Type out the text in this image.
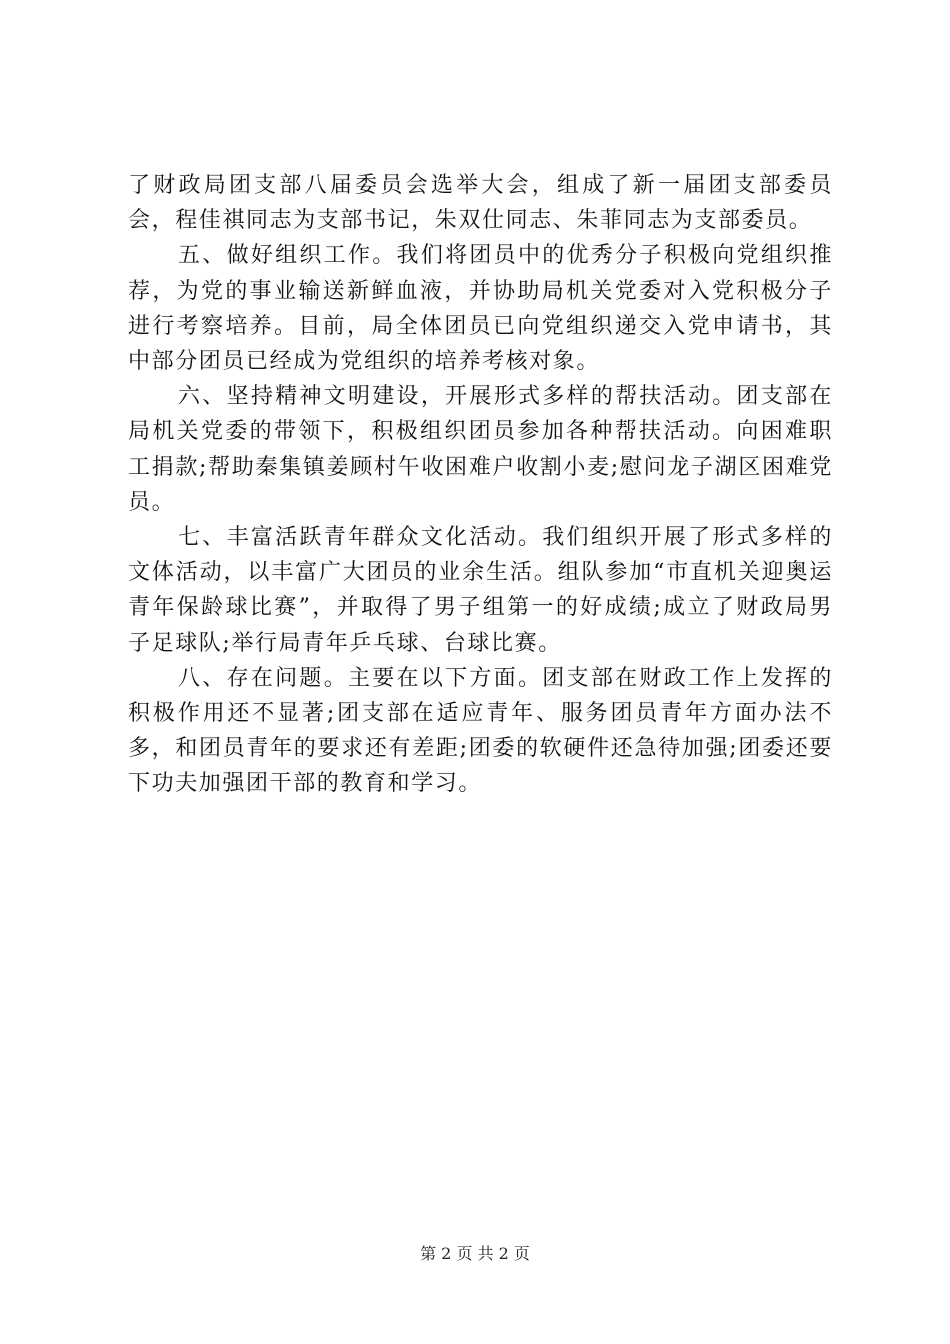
了财政局团支部八届委员会选举大会，组成了新一届团支部委员会，程佳祺同志为支部书记，朱双仕同志、朱菲同志为支部委员。

五、做好组织工作。我们将团员中的优秀分子积极向党组织推荐，为党的事业输送新鲜血液，并协助局机关党委对入党积极分子进行考察培养。目前，局全体团员已向党组织递交入党申请书，其中部分团员已经成为党组织的培养考核对象。

六、坚持精神文明建设，开展形式多样的帮扶活动。团支部在局机关党委的带领下，积极组织团员参加各种帮扶活动。向困难职工捐款;帮助秦集镇姜顾村午收困难户收割小麦;慰问龙子湖区困难党员。

七、丰富活跃青年群众文化活动。我们组织开展了形式多样的文体活动，以丰富广大团员的业余生活。组队参加“市直机关迎奥运青年保龄球比赛”，并取得了男子组第一的好成绩;成立了财政局男子足球队;举行局青年乒乓球、台球比赛。

八、存在问题。主要在以下方面。团支部在财政工作上发挥的积极作用还不显著;团支部在适应青年、服务团员青年方面办法不多，和团员青年的要求还有差距;团委的软硬件还急待加强;团委还要下功夫加强团干部的教育和学习。

第 2 页 共 2 页
